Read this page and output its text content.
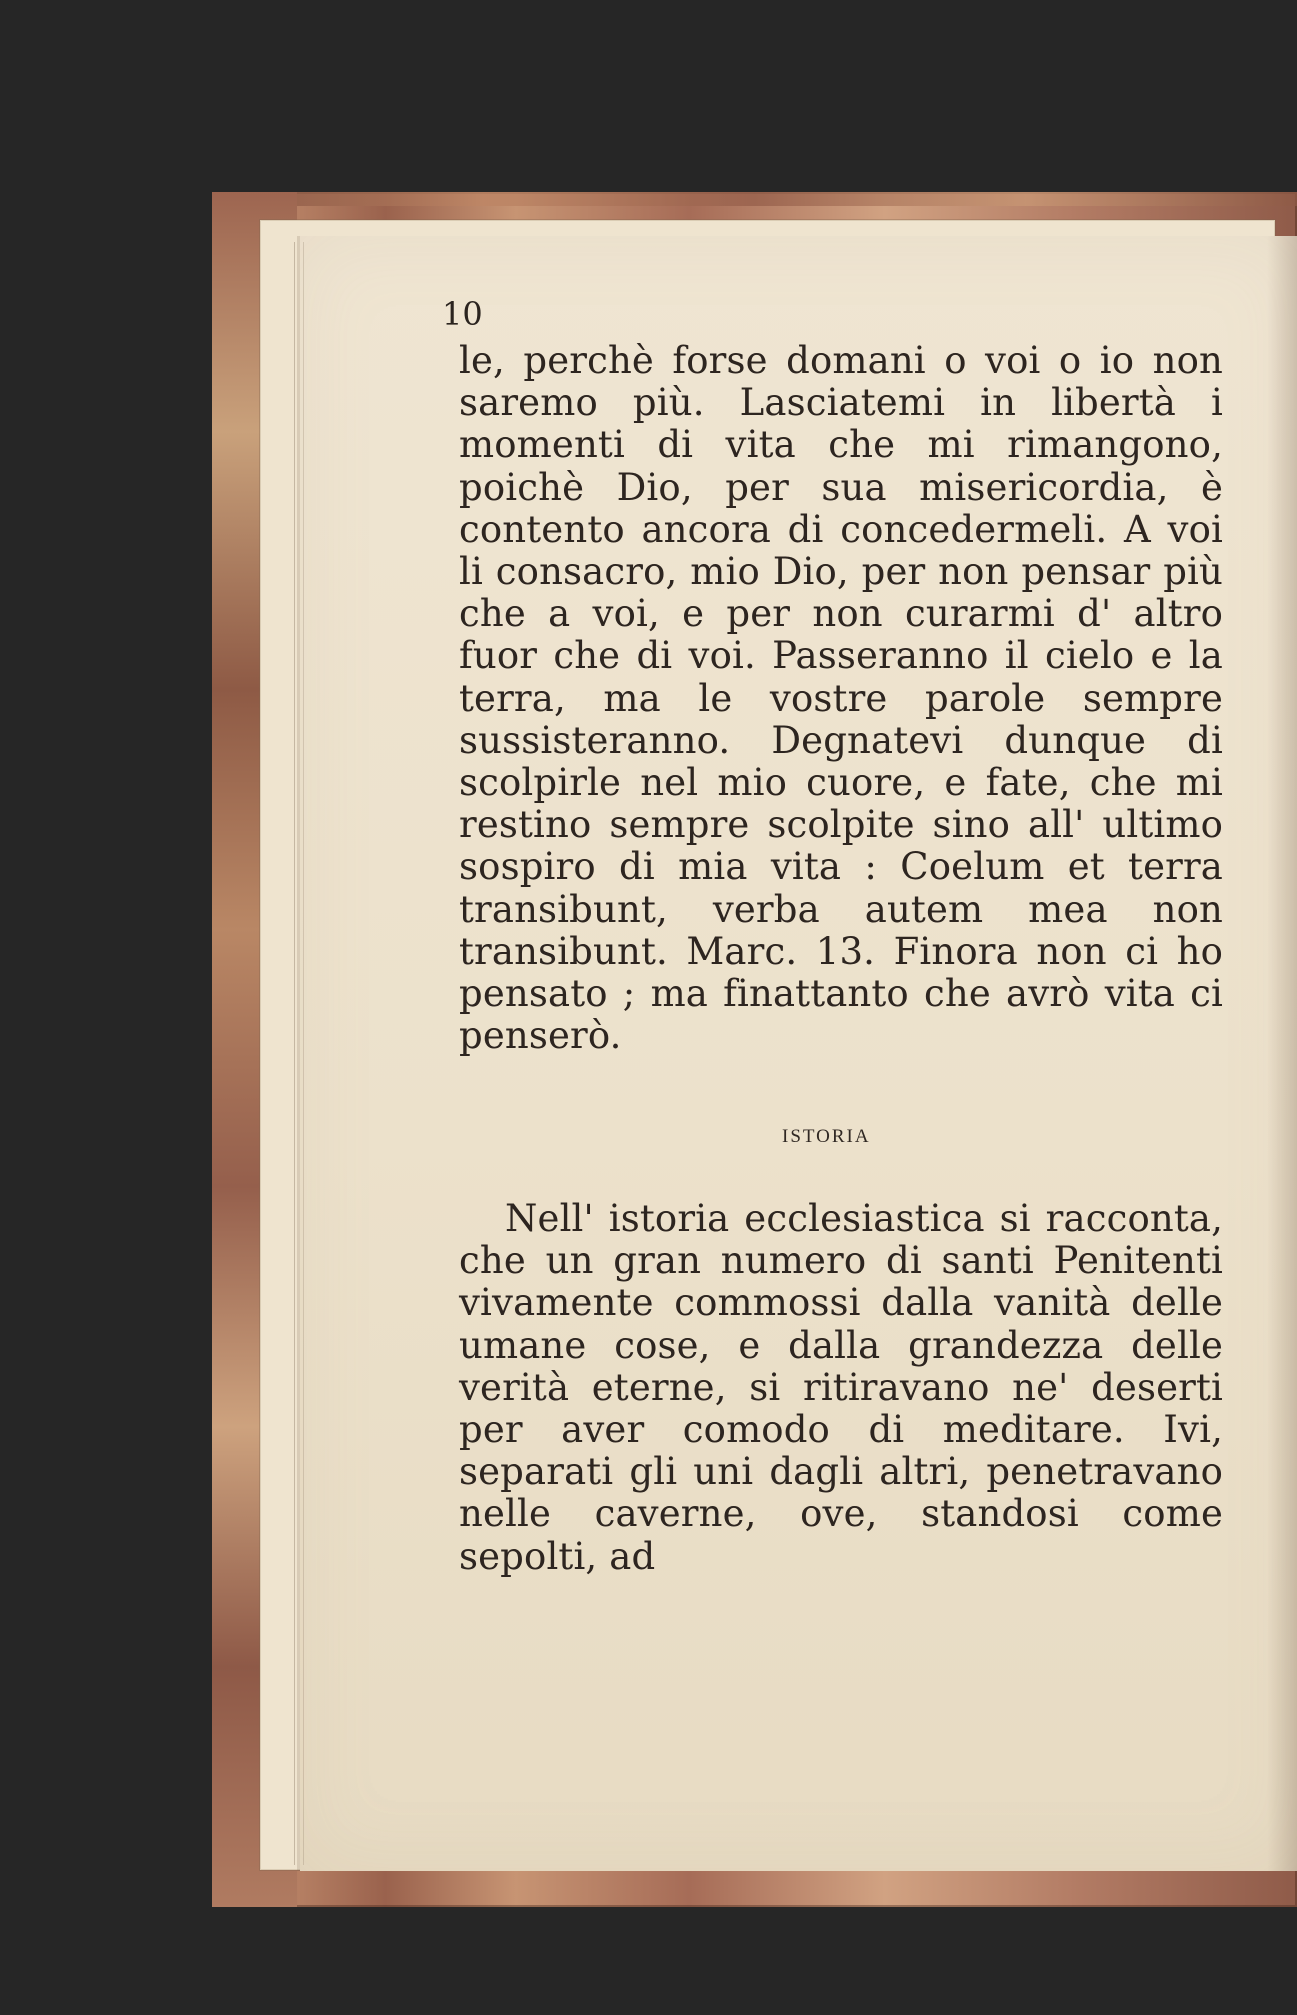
10

le, perchè forse domani o voi o io non saremo più. Lasciatemi in libertà i momenti di vita che mi rimangono, poichè Dio, per sua misericordia, è contento ancora di concedermeli. A voi li consacro, mio Dio, per non pensar più che a voi, e per non curarmi d' altro fuor che di voi. Passeranno il cielo e la terra, ma le vostre parole sempre sussisteranno. Degnatevi dunque di scolpirle nel mio cuore, e fate, che mi restino sempre scolpite sino all' ultimo sospiro di mia vita : Coelum et terra transibunt, verba autem mea non transibunt. Marc. 13. Finora non ci ho pensato ; ma finattanto che avrò vita ci penserò.

ISTORIA

Nell' istoria ecclesiastica si racconta, che un gran numero di santi Penitenti vivamente commossi dalla vanità delle umane cose, e dalla grandezza delle verità eterne, si ritiravano ne' deserti per aver comodo di meditare. Ivi, separati gli uni dagli altri, penetravano nelle caverne, ove, standosi come sepolti, ad
